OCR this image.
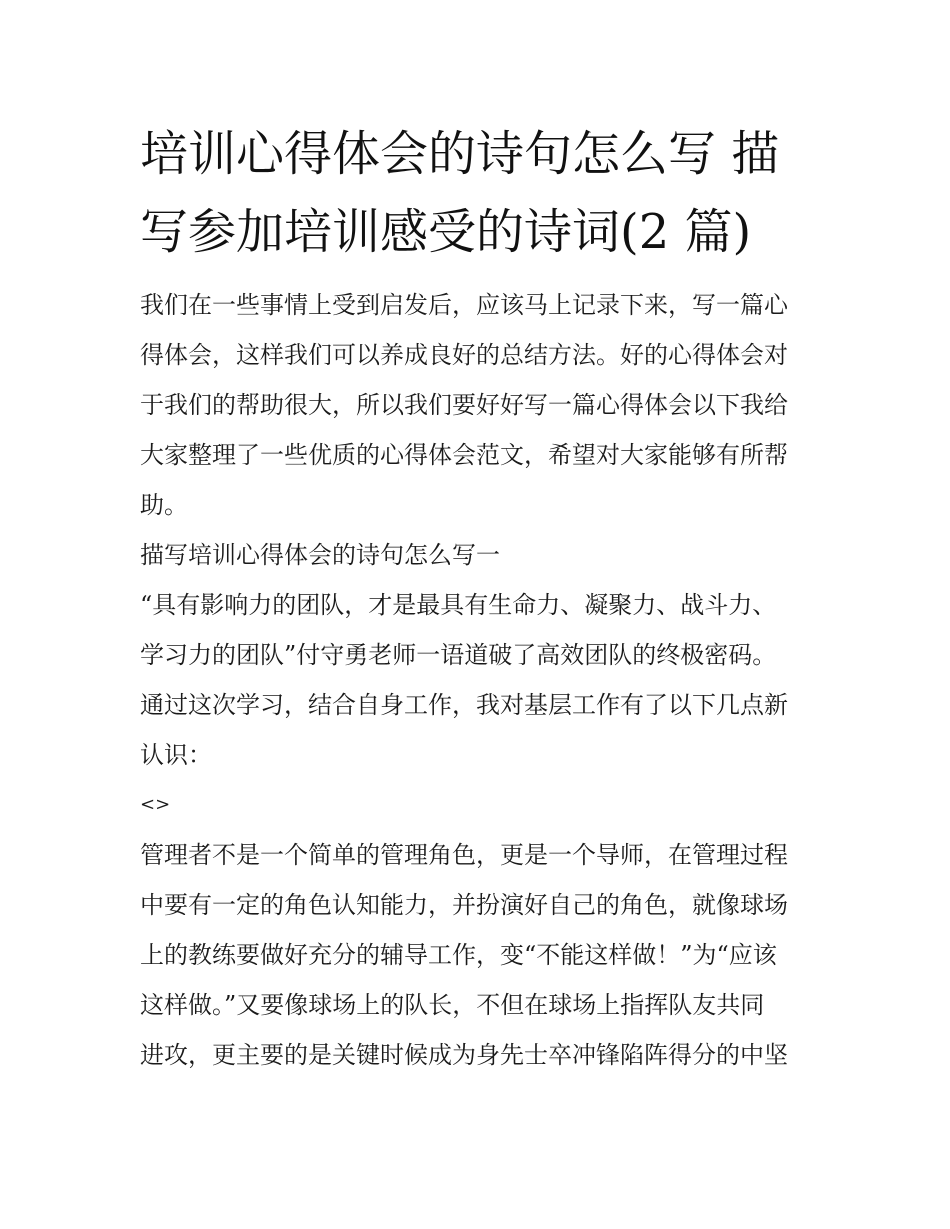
培训心得体会的诗句怎么写 描
写参加培训感受的诗词(2 篇)
我们在一些事情上受到启发后，应该马上记录下来，写一篇心
得体会，这样我们可以养成良好的总结方法。好的心得体会对
于我们的帮助很大，所以我们要好好写一篇心得体会以下我给
大家整理了一些优质的心得体会范文，希望对大家能够有所帮
助。
描写培训心得体会的诗句怎么写一
“具有影响力的团队，才是最具有生命力、凝聚力、战斗力、
学习力的团队”付守勇老师一语道破了高效团队的终极密码。
通过这次学习，结合自身工作，我对基层工作有了以下几点新
认识：
<>
管理者不是一个简单的管理角色，更是一个导师，在管理过程
中要有一定的角色认知能力，并扮演好自己的角色，就像球场
上的教练要做好充分的辅导工作，变“不能这样做！”为“应该
这样做。”又要像球场上的队长，不但在球场上指挥队友共同
进攻，更主要的是关键时候成为身先士卒冲锋陷阵得分的中坚
